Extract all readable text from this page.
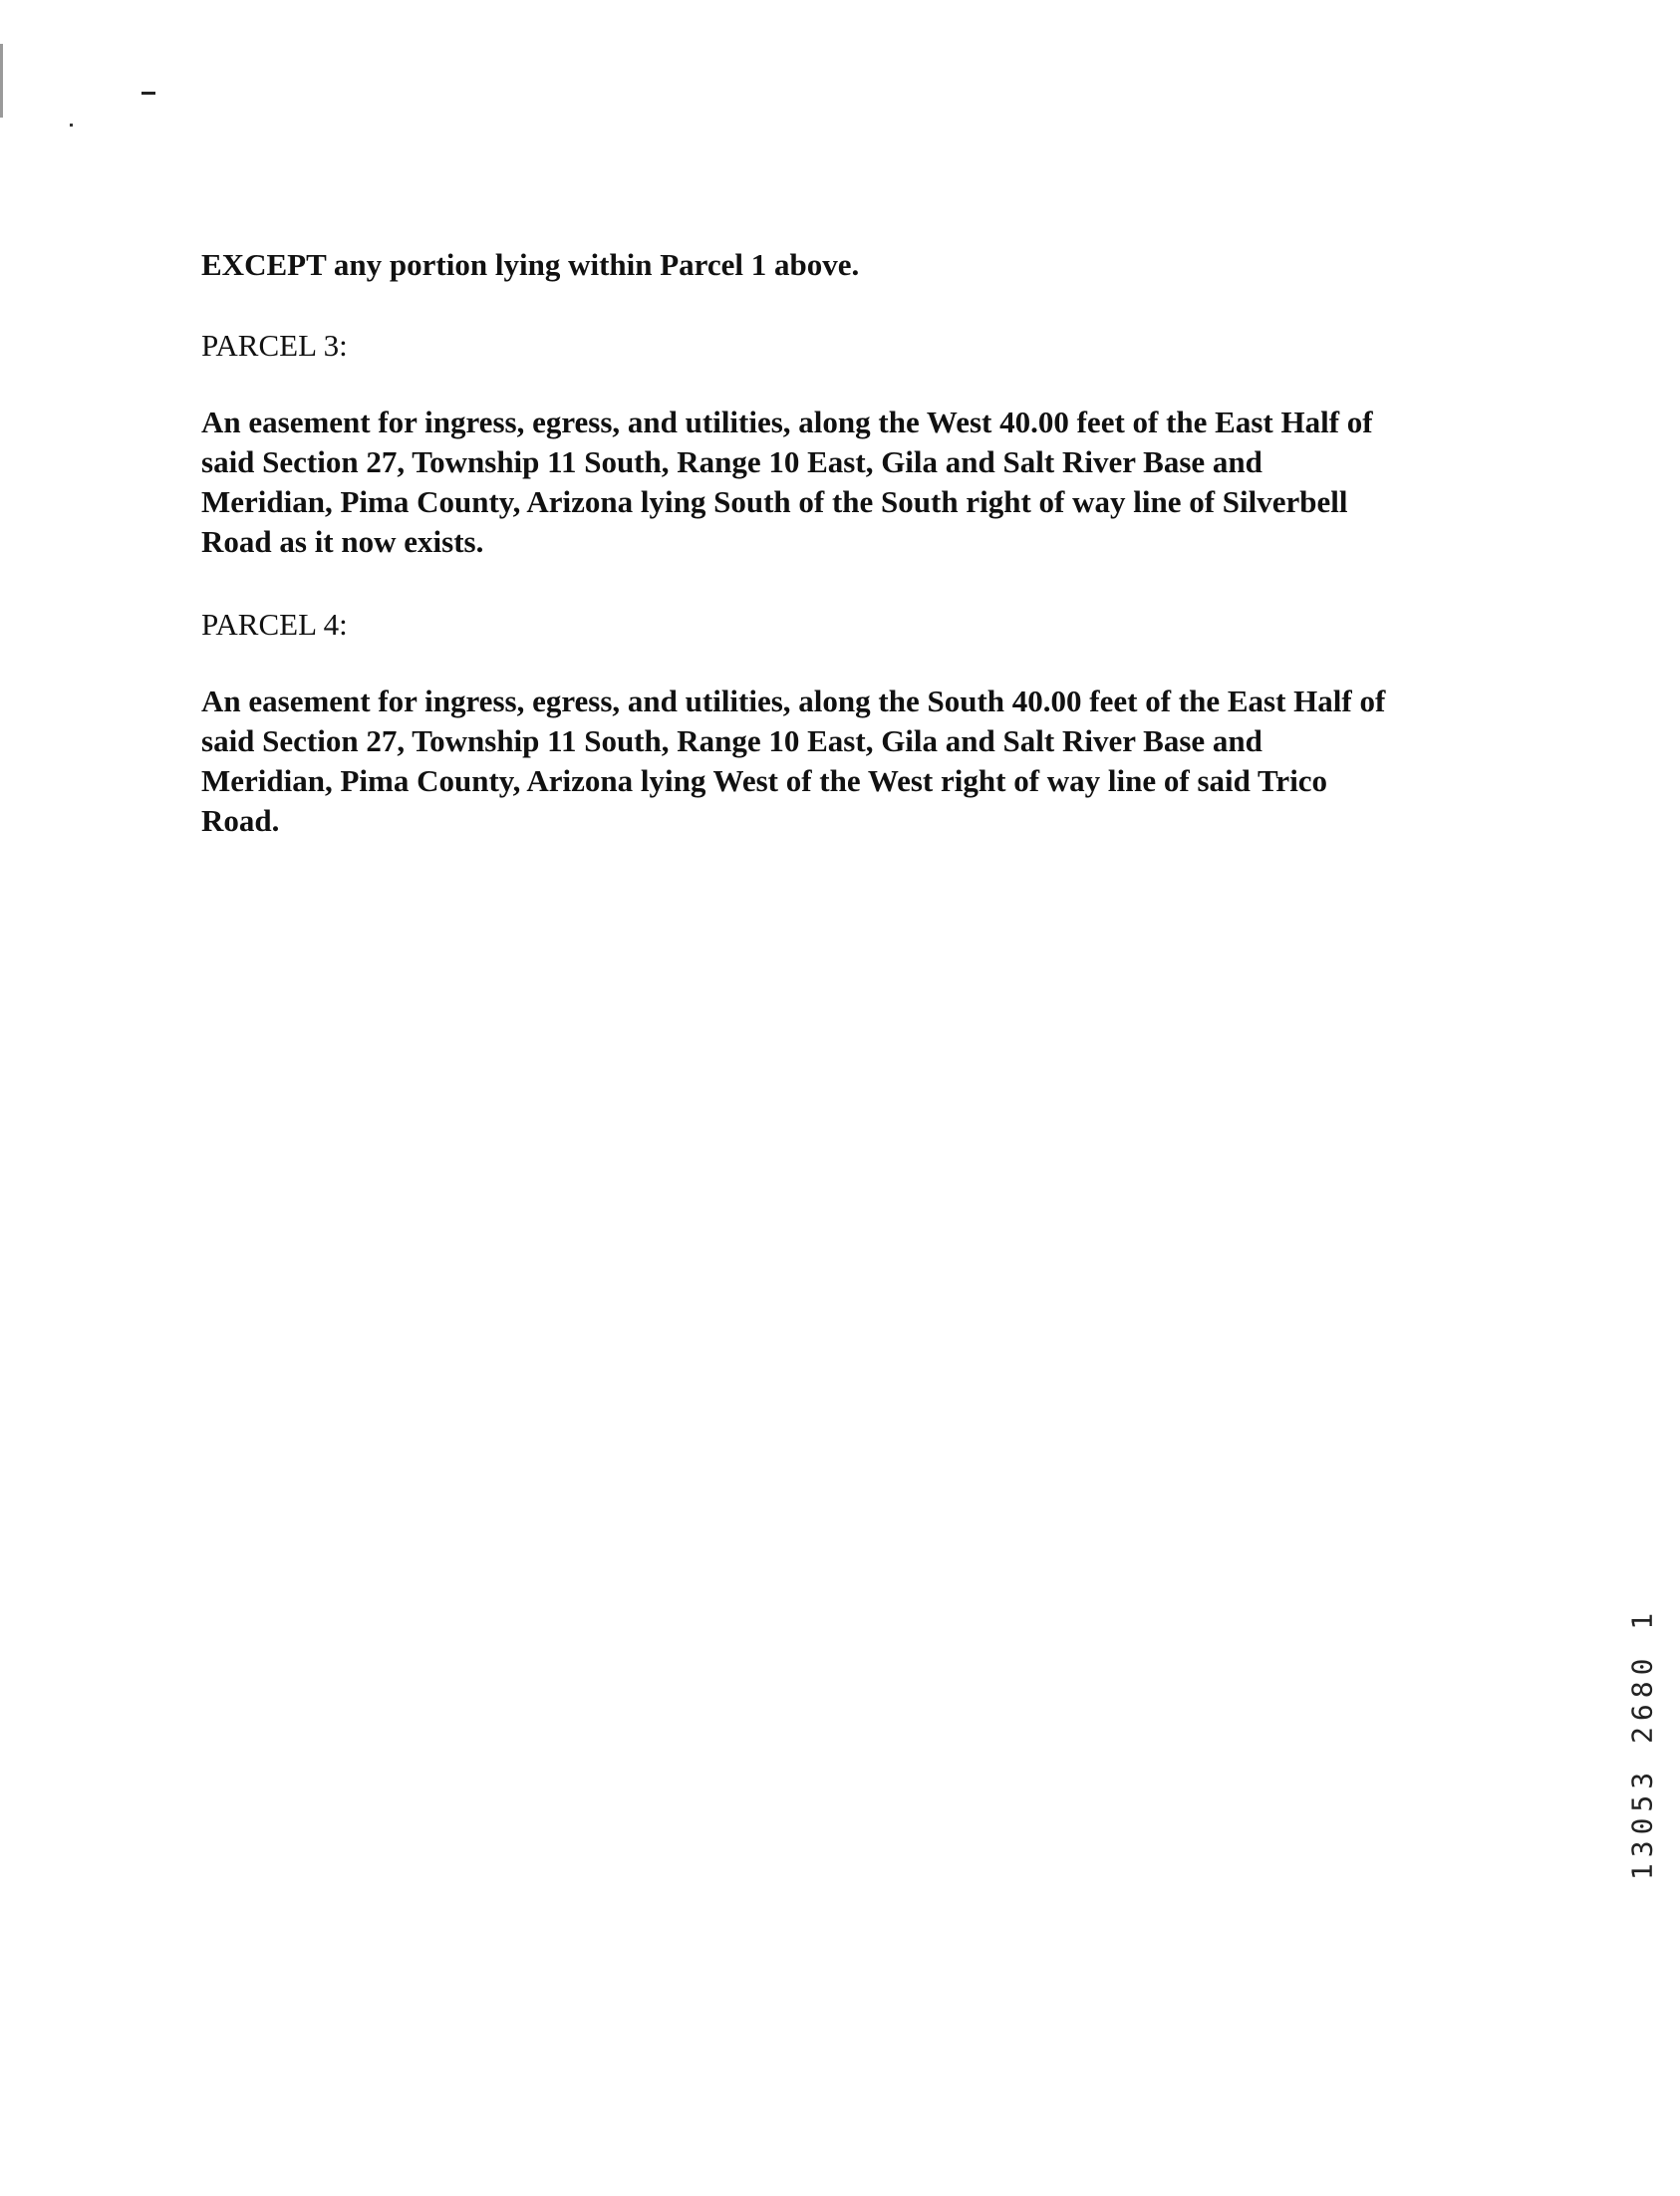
EXCEPT any portion lying within Parcel 1 above.
PARCEL 3:
An easement for ingress, egress, and utilities, along the West 40.00 feet of the East Half of
said Section 27, Township 11 South, Range 10 East, Gila and Salt River Base and
Meridian, Pima County, Arizona lying South of the South right of way line of Silverbell
Road as it now exists.
PARCEL 4:
An easement for ingress, egress, and utilities, along the South 40.00 feet of the East Half of
said Section 27, Township 11 South, Range 10 East, Gila and Salt River Base and
Meridian, Pima County, Arizona lying West of the West right of way line of said Trico
Road.
13053 2680 1
